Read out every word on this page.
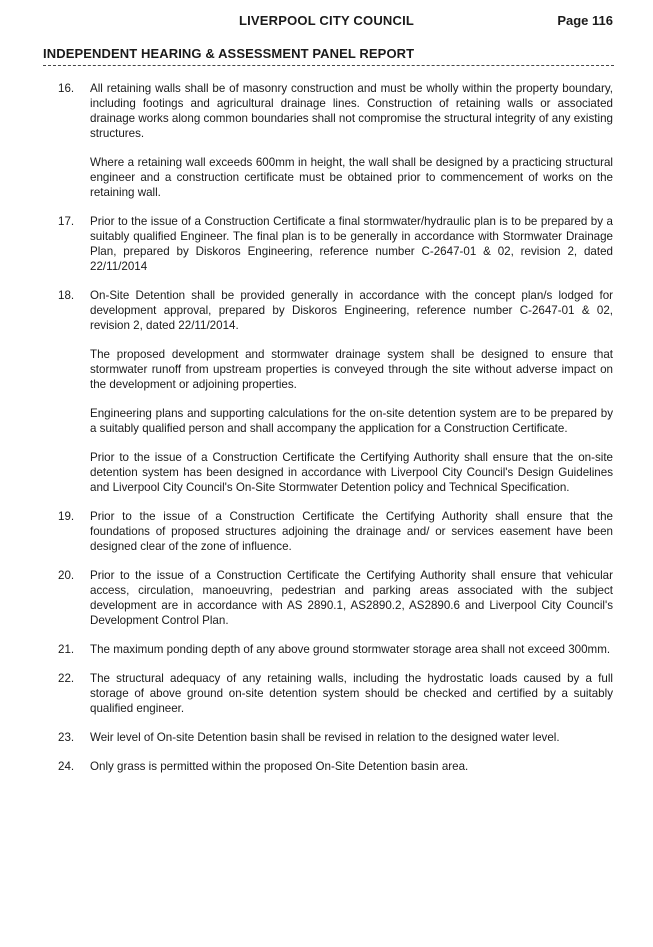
LIVERPOOL CITY COUNCIL	Page 116
INDEPENDENT HEARING & ASSESSMENT PANEL REPORT
16.	All retaining walls shall be of masonry construction and must be wholly within the property boundary, including footings and agricultural drainage lines. Construction of retaining walls or associated drainage works along common boundaries shall not compromise the structural integrity of any existing structures.

Where a retaining wall exceeds 600mm in height, the wall shall be designed by a practicing structural engineer and a construction certificate must be obtained prior to commencement of works on the retaining wall.

17.	Prior to the issue of a Construction Certificate a final stormwater/hydraulic plan is to be prepared by a suitably qualified Engineer. The final plan is to be generally in accordance with Stormwater Drainage Plan, prepared by Diskoros Engineering, reference number C-2647-01 & 02, revision 2, dated 22/11/2014

18.	On-Site Detention shall be provided generally in accordance with the concept plan/s lodged for development approval, prepared by Diskoros Engineering, reference number C-2647-01 & 02, revision 2, dated 22/11/2014.

The proposed development and stormwater drainage system shall be designed to ensure that stormwater runoff from upstream properties is conveyed through the site without adverse impact on the development or adjoining properties.

Engineering plans and supporting calculations for the on-site detention system are to be prepared by a suitably qualified person and shall accompany the application for a Construction Certificate.

Prior to the issue of a Construction Certificate the Certifying Authority shall ensure that the on-site detention system has been designed in accordance with Liverpool City Council's Design Guidelines and Liverpool City Council's On-Site Stormwater Detention policy and Technical Specification.

19.	Prior to the issue of a Construction Certificate the Certifying Authority shall ensure that the foundations of proposed structures adjoining the drainage and/ or services easement have been designed clear of the zone of influence.

20.	Prior to the issue of a Construction Certificate the Certifying Authority shall ensure that vehicular access, circulation, manoeuvring, pedestrian and parking areas associated with the subject development are in accordance with AS 2890.1, AS2890.2, AS2890.6 and Liverpool City Council's Development Control Plan.

21.	The maximum ponding depth of any above ground stormwater storage area shall not exceed 300mm.

22.	The structural adequacy of any retaining walls, including the hydrostatic loads caused by a full storage of above ground on-site detention system should be checked and certified by a suitably qualified engineer.

23.	Weir level of On-site Detention basin shall be revised in relation to the designed water level.

24.	Only grass is permitted within the proposed On-Site Detention basin area.
